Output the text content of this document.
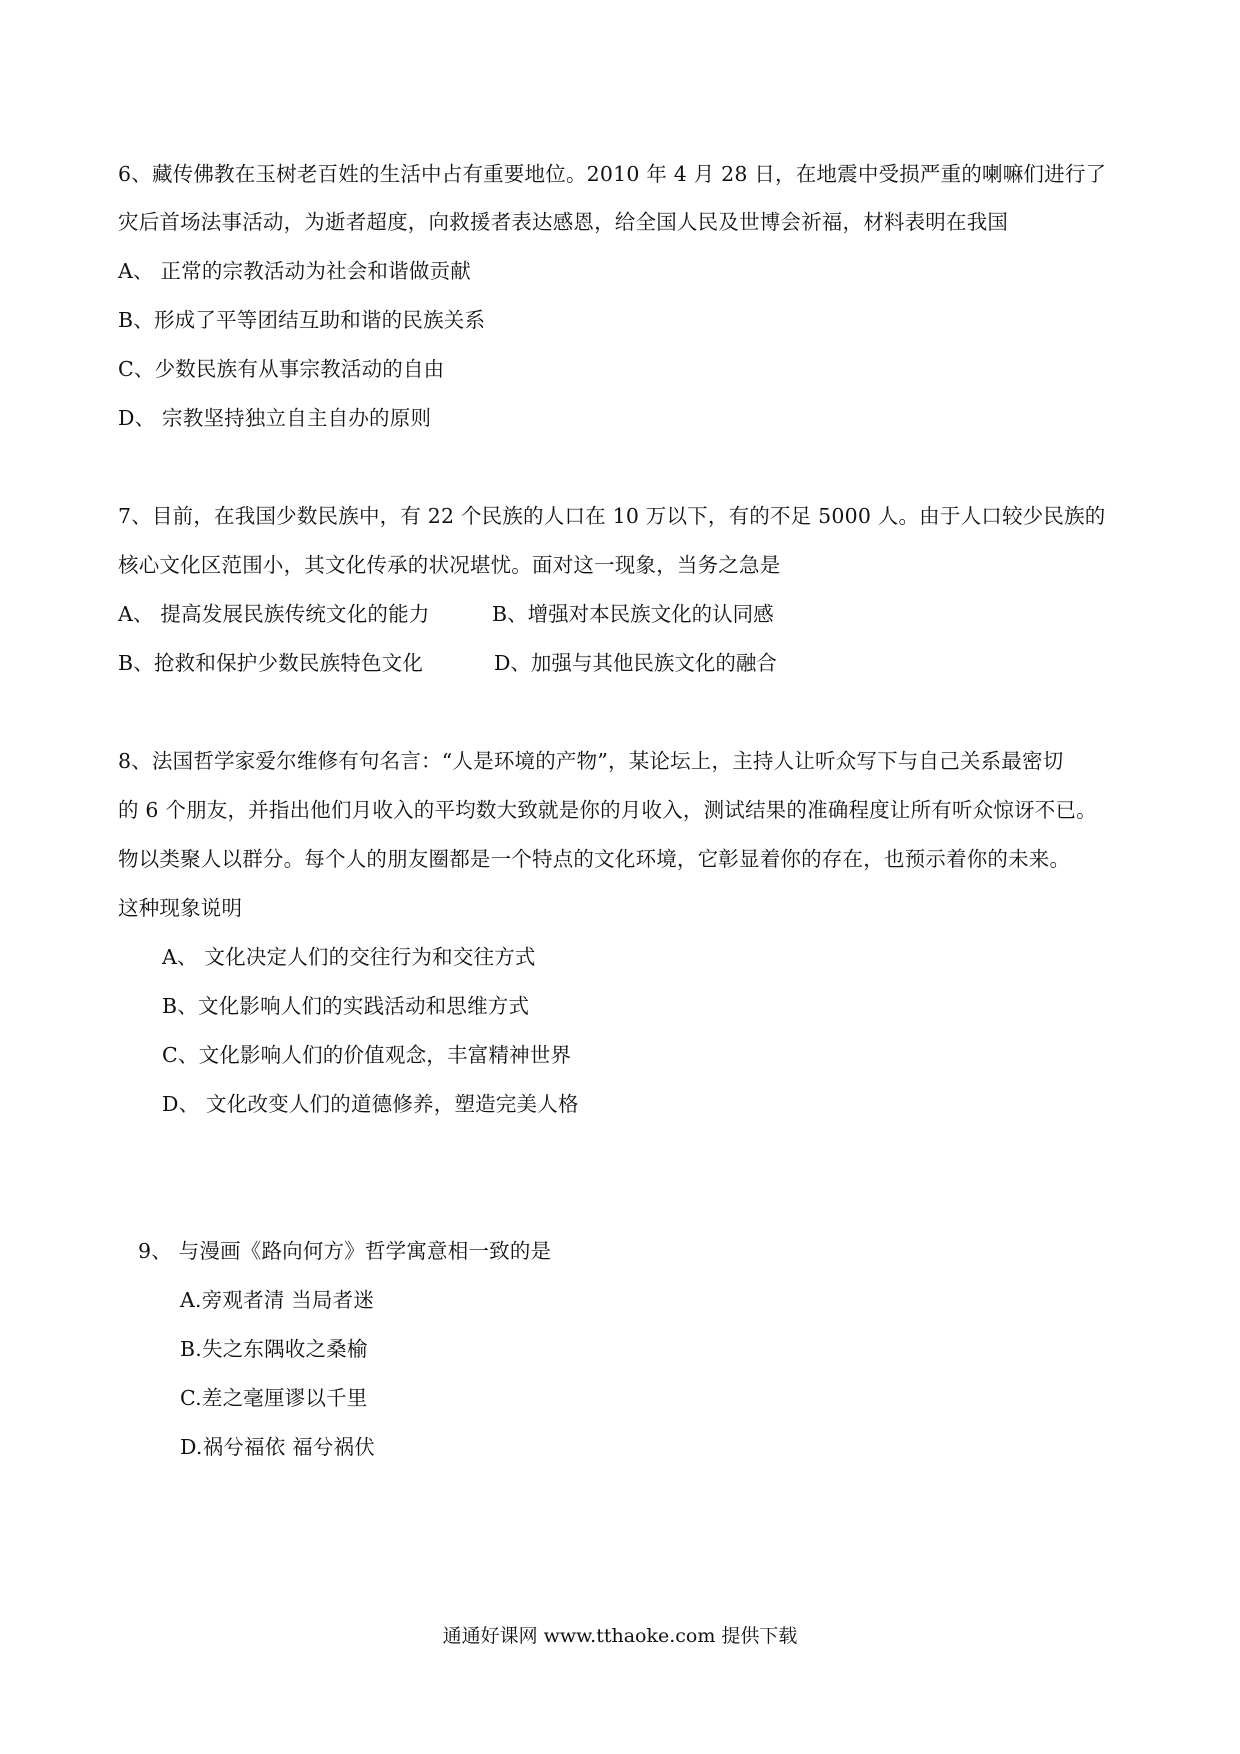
6、藏传佛教在玉树老百姓的生活中占有重要地位。2010 年 4 月 28 日，在地震中受损严重的喇嘛们进行了
灾后首场法事活动，为逝者超度，向救援者表达感恩，给全国人民及世博会祈福，材料表明在我国
A、 正常的宗教活动为社会和谐做贡献
B、形成了平等团结互助和谐的民族关系
C、少数民族有从事宗教活动的自由
D、 宗教坚持独立自主自办的原则
7、目前，在我国少数民族中，有 22 个民族的人口在 10 万以下，有的不足 5000 人。由于人口较少民族的
核心文化区范围小，其文化传承的状况堪忧。面对这一现象，当务之急是
A、 提高发展民族传统文化的能力	B、增强对本民族文化的认同感
B、抢救和保护少数民族特色文化	D、加强与其他民族文化的融合
8、法国哲学家爱尔维修有句名言：“人是环境的产物”，某论坛上，主持人让听众写下与自己关系最密切
的 6 个朋友，并指出他们月收入的平均数大致就是你的月收入，测试结果的准确程度让所有听众惊讶不已。
物以类聚人以群分。每个人的朋友圈都是一个特点的文化环境，它彰显着你的存在，也预示着你的未来。
这种现象说明
A、 文化决定人们的交往行为和交往方式
B、文化影响人们的实践活动和思维方式
C、文化影响人们的价值观念，丰富精神世界
D、 文化改变人们的道德修养，塑造完美人格
9、 与漫画《路向何方》哲学寓意相一致的是
A.旁观者清 当局者迷
B.失之东隅收之桑榆
C.差之毫厘谬以千里
D.祸兮福依 福兮祸伏
通通好课网 www.tthaoke.com 提供下载
